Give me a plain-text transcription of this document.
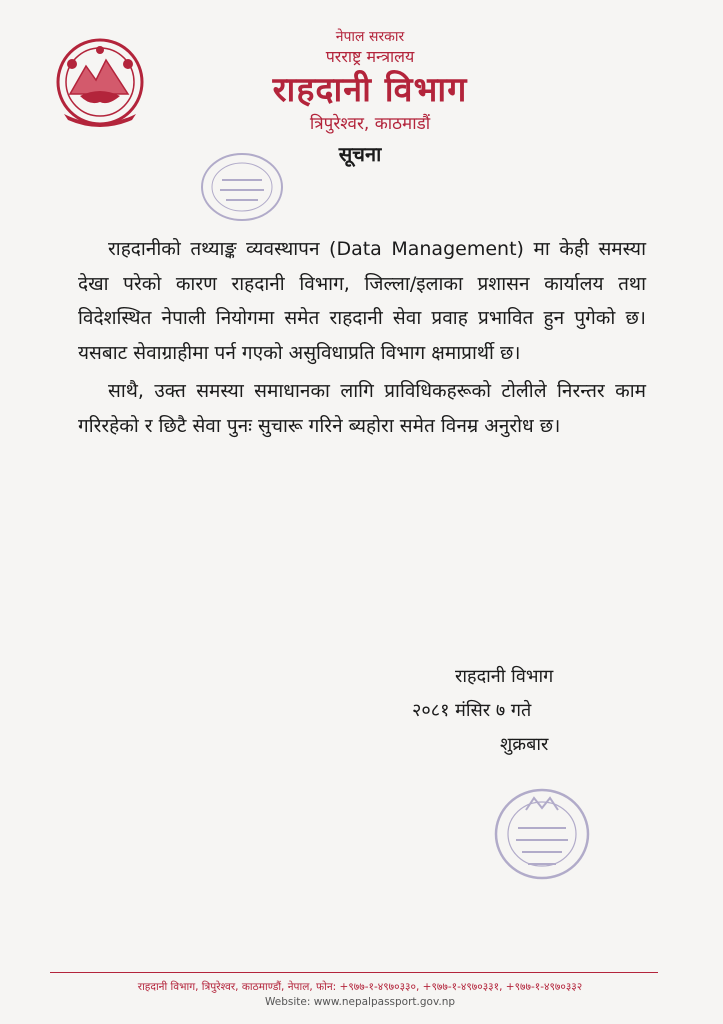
नेपाल सरकार
परराष्ट्र मन्त्रालय
राहदानी विभाग
त्रिपुरेश्वर, काठमाडौं
सूचना

राहदानीको तथ्याङ्क व्यवस्थापन (Data Management) मा केही समस्या देखा परेको कारण राहदानी विभाग, जिल्ला/इलाका प्रशासन कार्यालय तथा विदेशस्थित नेपाली नियोगमा समेत राहदानी सेवा प्रवाह प्रभावित हुन पुगेको छ। यसबाट सेवाग्राहीमा पर्न गएको असुविधाप्रति विभाग क्षमाप्रार्थी छ।

साथै, उक्त समस्या समाधानका लागि प्राविधिकहरूको टोलीले निरन्तर काम गरिरहेको र छिटै सेवा पुनः सुचारू गरिने ब्यहोरा समेत विनम्र अनुरोध छ।

राहदानी विभाग
२०८१ मंसिर ७ गते
शुक्रबार
राहदानी विभाग, त्रिपुरेश्वर, काठमाण्डौं, नेपाल, फोन: +९७७-१-४९७०३३०, +९७७-१-४९७०३३१, +९७७-१-४९७०३३२
Website: www.nepalpassport.gov.np
